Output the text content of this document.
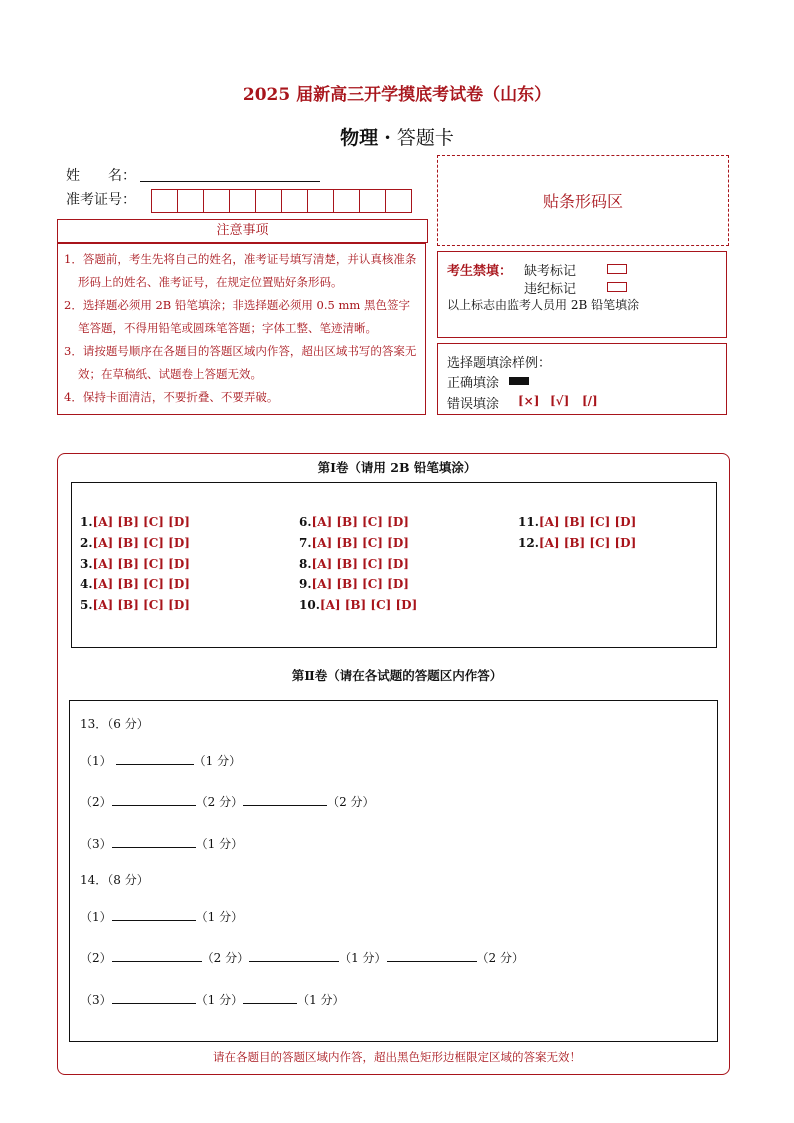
2025 届新高三开学摸底考试卷（山东）
物理 · 答题卡
姓　　名：
准考证号：	贴条形码区
注意事项
1．答题前，考生先将自己的姓名，准考证号填写清楚，并认真核准条形码上的姓名、准考证号，在规定位置贴好条形码。
2．选择题必须用 2B 铅笔填涂；非选择题必须用 0.5 mm 黑色签字笔答题，不得用铅笔或圆珠笔答题；字体工整、笔迹清晰。
3．请按题号顺序在各题目的答题区域内作答，超出区域书写的答案无效；在草稿纸、试题卷上答题无效。
4．保持卡面清洁，不要折叠、不要弄破。
考生禁填： 缺考标记
违纪标记
以上标志由监考人员用 2B 铅笔填涂
选择题填涂样例：
正确填涂
错误填涂 [×] [√] [/]
第Ⅰ卷（请用 2B 铅笔填涂）
1.[A] [B] [C] [D]
2.[A] [B] [C] [D]
3.[A] [B] [C] [D]
4.[A] [B] [C] [D]
5.[A] [B] [C] [D]
6.[A] [B] [C] [D]
7.[A] [B] [C] [D]
8.[A] [B] [C] [D]
9.[A] [B] [C] [D]
10.[A] [B] [C] [D]
11.[A] [B] [C] [D]
12.[A] [B] [C] [D]
第Ⅱ卷（请在各试题的答题区内作答）
13．（6 分）
（1）	（1 分）
（2）	（2 分）	（2 分）
（3）	（1 分）
14．（8 分）
（1）	（1 分）
（2）	（2 分）	（1 分）	（2 分）
（3）	（1 分）	（1 分）
请在各题目的答题区域内作答，超出黑色矩形边框限定区域的答案无效！
